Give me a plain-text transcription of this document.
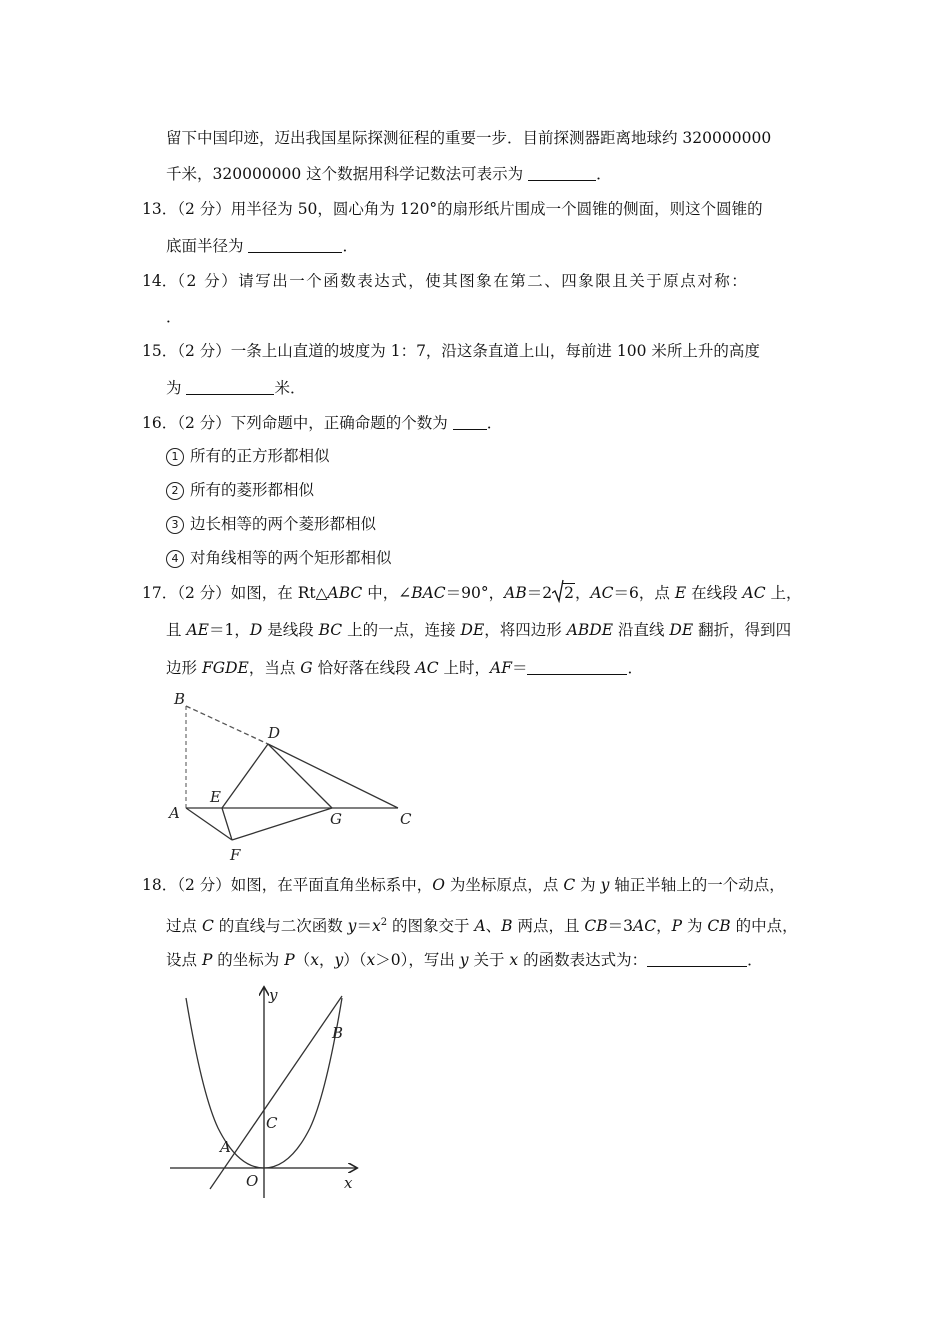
留下中国印迹，迈出我国星际探测征程的重要一步．目前探测器距离地球约 320000000
千米，320000000 这个数据用科学记数法可表示为	．
13．（2 分）用半径为 50，圆心角为 120°的扇形纸片围成一个圆锥的侧面，则这个圆锥的
底面半径为	．
14．（2 分）请写出一个函数表达式，使其图象在第二、四象限且关于原点对称：
．
15．（2 分）一条上山直道的坡度为 1：7，沿这条直道上山，每前进 100 米所上升的高度
为	米．
16．（2 分）下列命题中，正确命题的个数为 ．
1 所有的正方形都相似
2 所有的菱形都相似
3 边长相等的两个菱形都相似
4 对角线相等的两个矩形都相似
17．（2 分）如图，在 Rt△ABC 中，∠BAC＝90°，AB＝2 2，AC＝6，点 E 在线段 AC 上，
且 AE＝1，D 是线段 BC 上的一点，连接 DE，将四边形 ABDE 沿直线 DE 翻折，得到四
边形 FGDE，当点 G 恰好落在线段 AC 上时，AF＝	．
B
D
E
A	G	C
F
18．（2 分）如图，在平面直角坐标系中，O 为坐标原点，点 C 为 y 轴正半轴上的一个动点，
过点 C 的直线与二次函数 $y=x^2$ 的图象交于 A、B 两点，且 CB＝3AC，P 为 CB 的中点，
设点 P 的坐标为 P（x，y）（x＞0），写出 y 关于 x 的函数表达式为：	．
y
B
C
A
O	x
